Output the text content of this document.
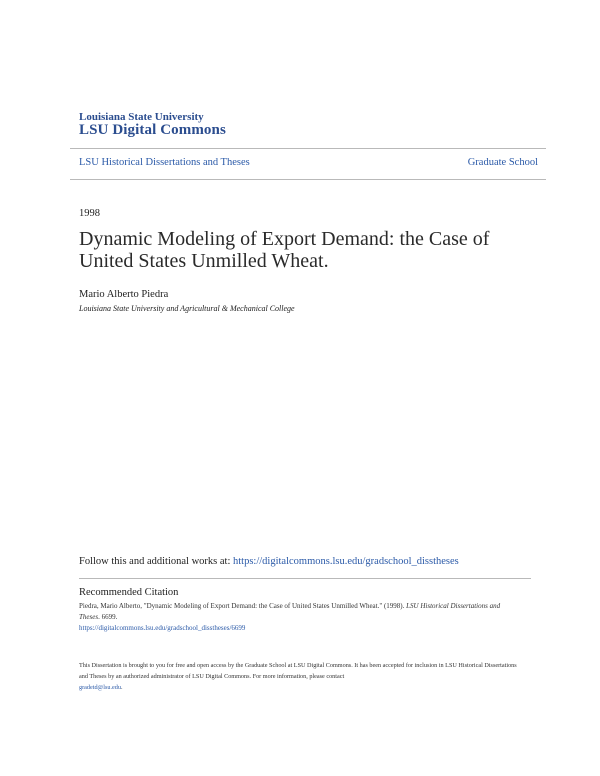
Louisiana State University
LSU Digital Commons
LSU Historical Dissertations and Theses	Graduate School
1998
Dynamic Modeling of Export Demand: the Case of United States Unmilled Wheat.
Mario Alberto Piedra
Louisiana State University and Agricultural & Mechanical College
Follow this and additional works at: https://digitalcommons.lsu.edu/gradschool_disstheses
Recommended Citation
Piedra, Mario Alberto, "Dynamic Modeling of Export Demand: the Case of United States Unmilled Wheat." (1998). LSU Historical Dissertations and Theses. 6699.
https://digitalcommons.lsu.edu/gradschool_disstheses/6699
This Dissertation is brought to you for free and open access by the Graduate School at LSU Digital Commons. It has been accepted for inclusion in LSU Historical Dissertations and Theses by an authorized administrator of LSU Digital Commons. For more information, please contact
gradetd@lsu.edu.
